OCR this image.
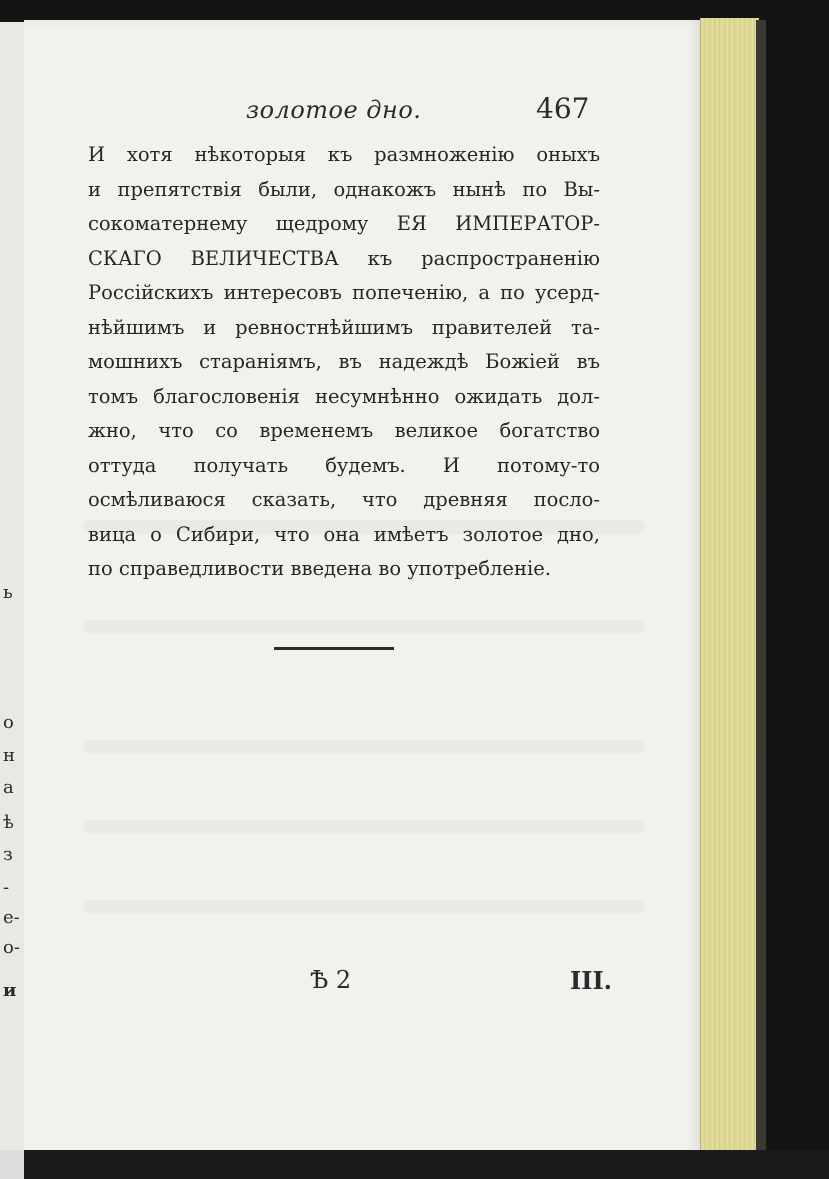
ь
о
н
а
ѣ
з
-
е-
о-
и
золотое дно.	467
И хотя нѣкоторыя къ размноженію оныхъ
и препятствія были, однакожъ нынѣ по Вы-
сокоматернему щедрому ЕЯ ИМПЕРАТОР-
СКАГО ВЕЛИЧЕСТВА къ распространенію
Россійскихъ интересовъ попеченію, а по усерд-
нѣйшимъ и ревностнѣйшимъ правителей та-
мошнихъ стараніямъ, въ надеждѣ Божіей въ
томъ благословенія несумнѣнно ожидать дол-
жно, что со временемъ великое богатство
оттуда получать будемъ. И потому-то
осмѣливаюся сказать, что древняя посло-
вица о Сибири, что она имѣетъ золотое дно,
по справедливости введена во употребленіе.
Ѣ 2	III.
